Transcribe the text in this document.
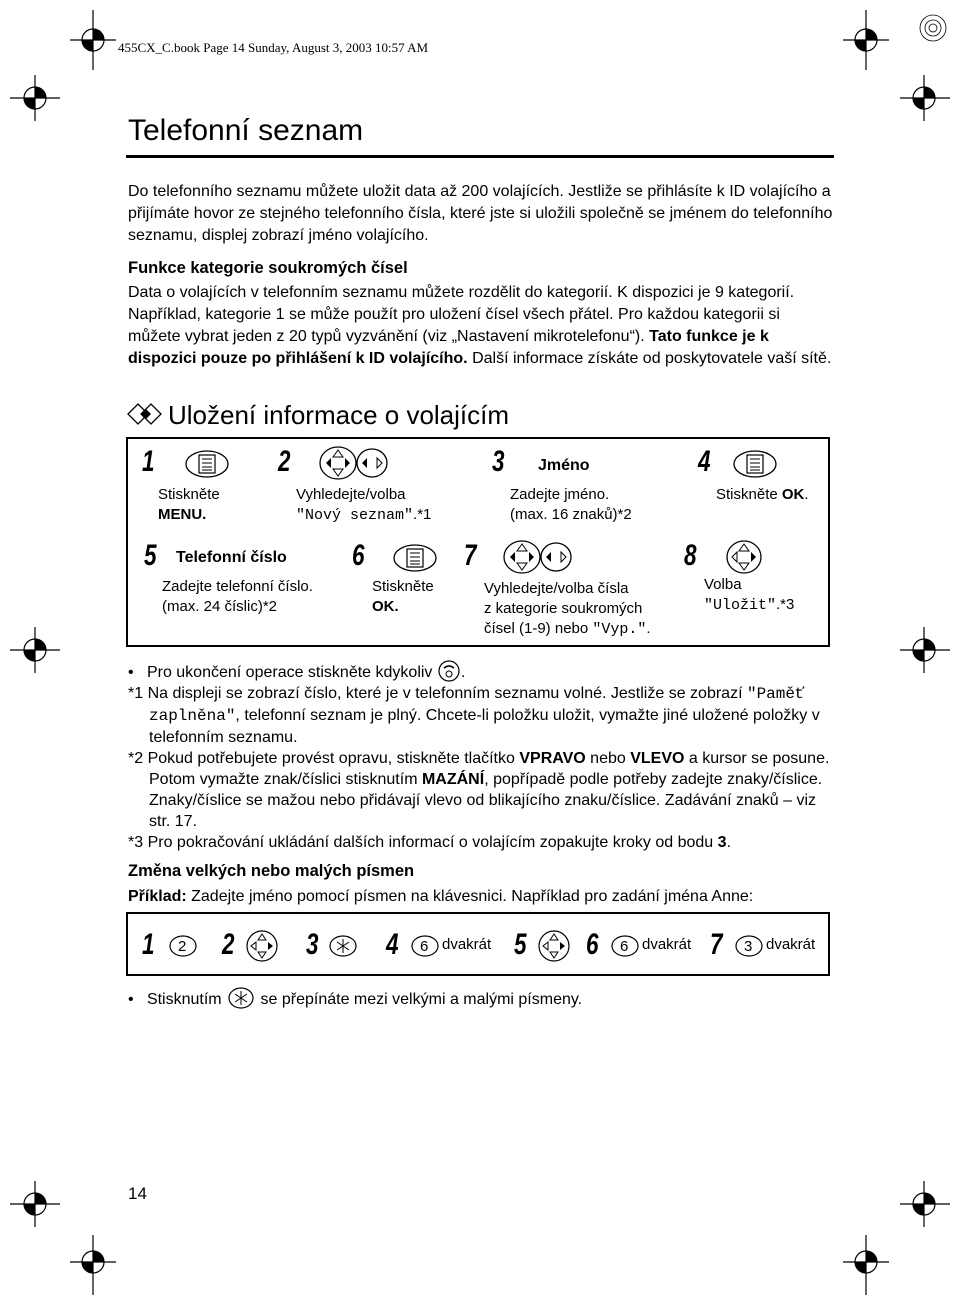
455CX_C.book Page 14 Sunday, August 3, 2003 10:57 AM
Telefonní seznam
Do telefonního seznamu můžete uložit data až 200 volajících. Jestliže se přihlásíte k ID volajícího a přijímáte hovor ze stejného telefonního čísla, které jste si uložili společně se jménem do telefonního seznamu, displej zobrazí jméno volajícího.
Funkce kategorie soukromých čísel
Data o volajících v telefonním seznamu můžete rozdělit do kategorií. K dispozici je 9 kategorií. Například, kategorie 1 se může použít pro uložení čísel všech přátel. Pro každou kategorii si můžete vybrat jeden z 20 typů vyzvánění (viz „Nastavení mikrotelefonu“). Tato funkce je k dispozici pouze po přihlášení k ID volajícího. Další informace získáte od poskytovatele vaší sítě.
Uložení informace o volajícím
1
Stiskněte
MENU.
2
Vyhledejte/volba
"Nový seznam".*1
3 Jméno
Zadejte jméno.
(max. 16 znaků)*2
4
Stiskněte OK.
5 Telefonní číslo
Zadejte telefonní číslo.
(max. 24 číslic)*2
6
Stiskněte
OK.
7
Vyhledejte/volba čísla
z kategorie soukromých
čísel (1-9) nebo "Vyp.".
8
Volba
"Uložit".*3
•   Pro ukončení operace stiskněte kdykoliv .
*1 Na displeji se zobrazí číslo, které je v telefonním seznamu volné. Jestliže se zobrazí "Paměť zaplněna", telefonní seznam je plný. Chcete-li položku uložit, vymažte jiné uložené položky v telefonním seznamu.
*2 Pokud potřebujete provést opravu, stiskněte tlačítko VPRAVO nebo VLEVO a kursor se posune. Potom vymažte znak/číslici stisknutím MAZÁNÍ, popřípadě podle potřeby zadejte znaky/číslice. Znaky/číslice se mažou nebo přidávají vlevo od blikajícího znaku/číslice. Zadávání znaků – viz str. 17.
*3 Pro pokračování ukládání dalších informací o volajícím zopakujte kroky od bodu 3.
Změna velkých nebo malých písmen
Příklad: Zadejte jméno pomocí písmen na klávesnici. Například pro zadání jména Anne:
1 2 2 3 4 6 dvakrát 5 6 6 dvakrát 7 3 dvakrát
•   Stisknutím se přepínáte mezi velkými a malými písmeny.
14
